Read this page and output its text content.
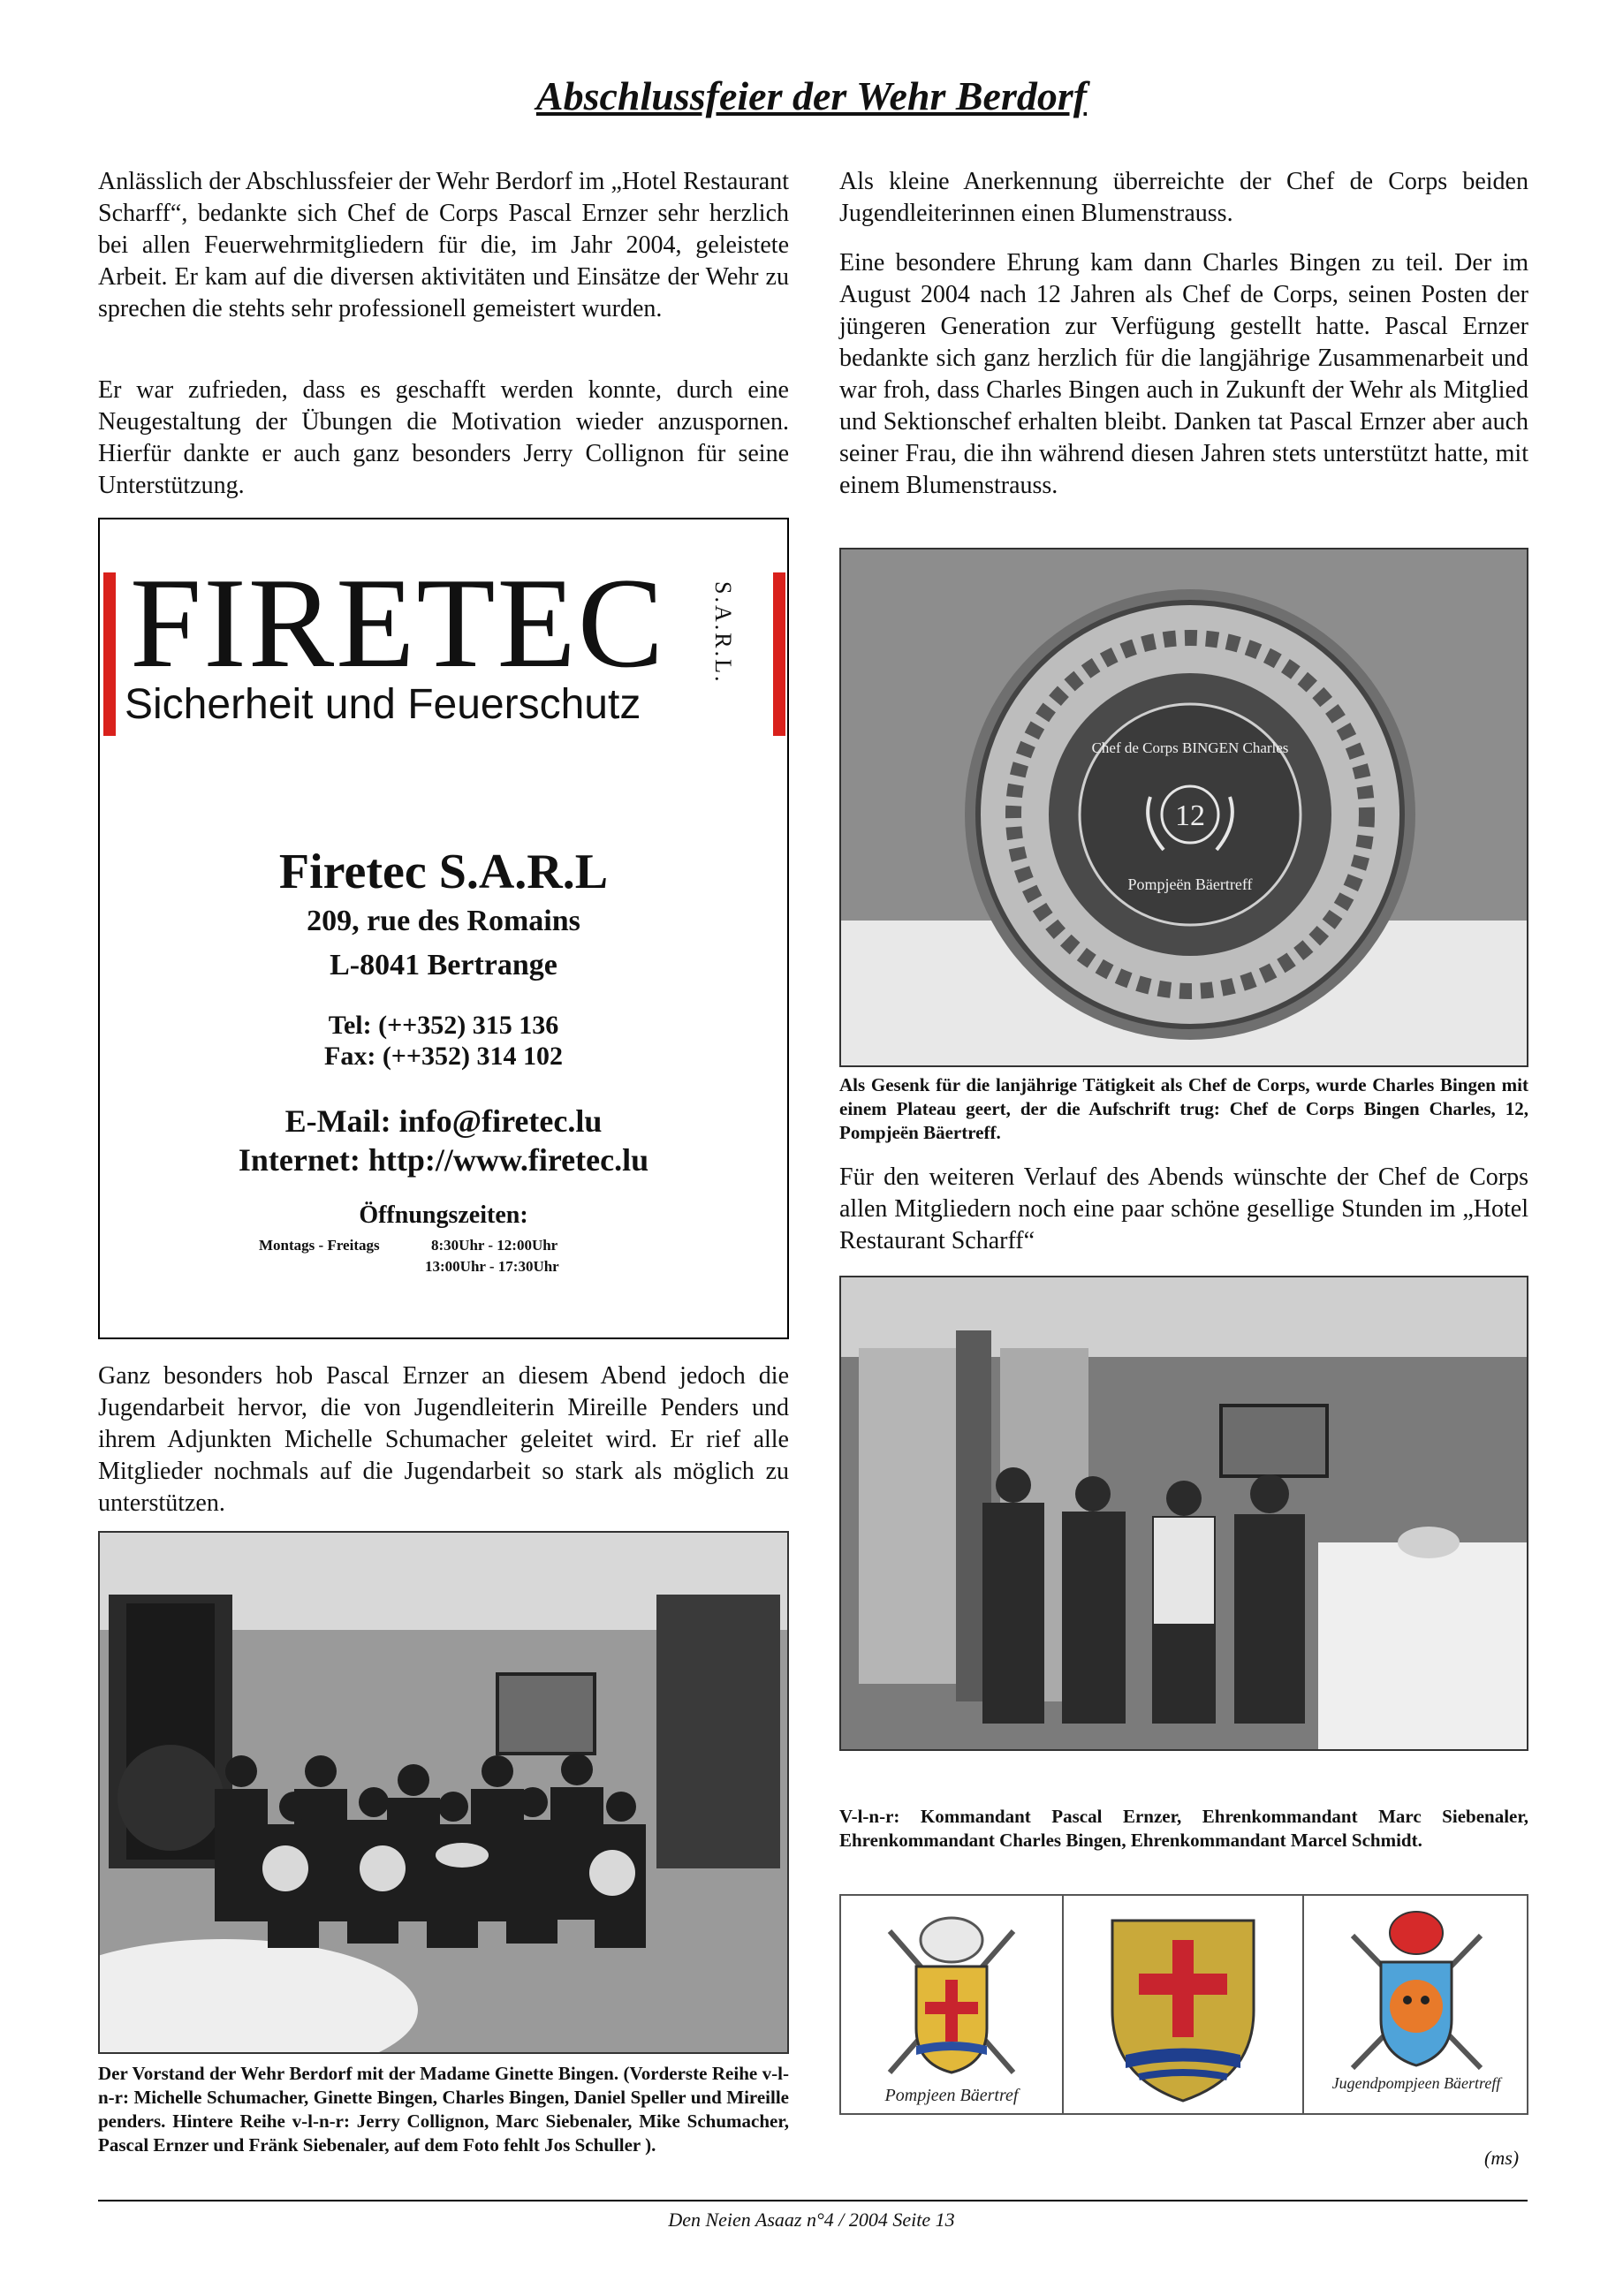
Abschlussfeier der Wehr Berdorf

Anlässlich der Abschlussfeier der Wehr Berdorf im „Hotel Restaurant Scharff“, bedankte sich Chef de Corps Pascal Ernzer sehr herzlich bei allen Feuerwehrmitgliedern für die, im Jahr 2004, geleistete Arbeit. Er kam auf die diversen aktivitäten und Einsätze der Wehr zu sprechen die stehts sehr professionell gemeistert wurden.

Er war zufrieden, dass es geschafft werden konnte, durch eine Neugestaltung der Übungen die Motivation wieder anzuspornen. Hierfür dankte er auch ganz besonders Jerry Collignon für seine Unterstützung.

FIRETEC S.A.R.L.
Sicherheit und Feuerschutz
Firetec S.A.R.L
209, rue des Romains
L-8041 Bertrange
Tel: (++352) 315 136
Fax: (++352) 314 102
E-Mail: info@firetec.lu
Internet: http://www.firetec.lu
Öffnungszeiten:
Montags - Freitags	8:30Uhr - 12:00Uhr
13:00Uhr - 17:30Uhr

Ganz besonders hob Pascal Ernzer an diesem Abend jedoch die Jugendarbeit hervor, die von Jugendleiterin Mireille Penders und ihrem Adjunkten Michelle Schumacher geleitet wird. Er rief alle Mitglieder nochmals auf die Jugendarbeit so stark als möglich zu unterstützen.

Der Vorstand der Wehr Berdorf mit der Madame Ginette Bingen. (Vorderste Reihe v-l-n-r: Michelle Schumacher, Ginette Bingen, Charles Bingen, Daniel Speller und Mireille penders. Hintere Reihe v-l-n-r: Jerry Collignon, Marc Siebenaler, Mike Schumacher, Pascal Ernzer und Fränk Siebenaler, auf dem Foto fehlt Jos Schuller ).

Als kleine Anerkennung überreichte der Chef de Corps beiden Jugendleiterinnen einen Blumenstrauss.

Eine besondere Ehrung kam dann Charles Bingen zu teil. Der im August 2004 nach 12 Jahren als Chef de Corps, seinen Posten der jüngeren Generation zur Verfügung gestellt hatte. Pascal Ernzer bedankte sich ganz herzlich für die langjährige Zusammenarbeit und war froh, dass Charles Bingen auch in Zukunft der Wehr als Mitglied und Sektionschef erhalten bleibt. Danken tat Pascal Ernzer aber auch seiner Frau, die ihn während diesen Jahren stets unterstützt hatte, mit einem Blumenstrauss.

12
Chef de Corps BINGEN Charles
Pompjeën Bäertreff
Als Gesenk für die lanjährige Tätigkeit als Chef de Corps, wurde Charles Bingen mit einem Plateau geert, der die Aufschrift trug: Chef de Corps Bingen Charles, 12, Pompjeën Bäertreff.

Für den weiteren Verlauf des Abends wünschte der Chef de Corps allen Mitgliedern noch eine paar schöne gesellige Stunden im „Hotel Restaurant Scharff“

V-l-n-r: Kommandant Pascal Ernzer, Ehrenkommandant Marc Siebenaler, Ehrenkommandant Charles Bingen, Ehrenkommandant Marcel Schmidt.
Pompjeen Bäertref
Jugendpompjeen Bäertreff
(ms)
Den Neien Asaaz n°4 / 2004 Seite 13
